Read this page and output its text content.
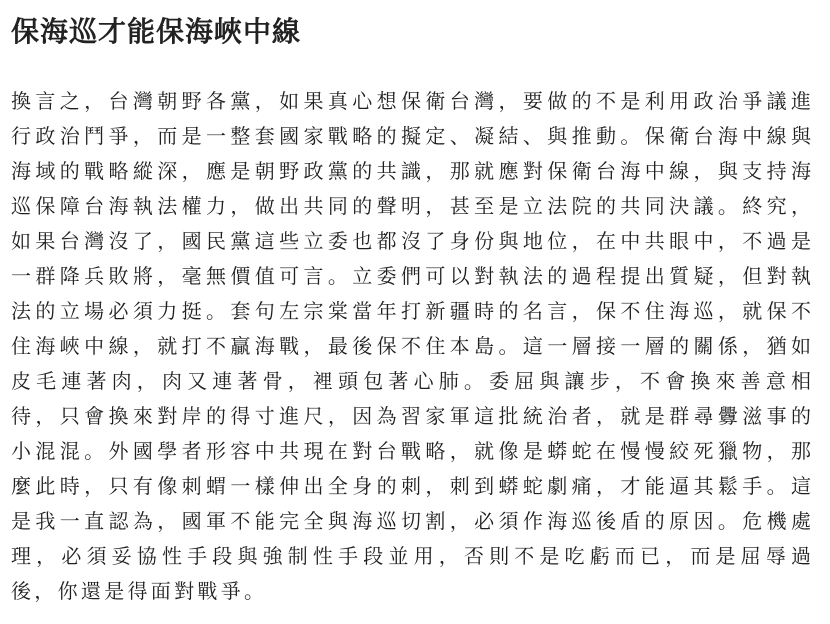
保海巡才能保海峽中線
換言之，台灣朝野各黨，如果真心想保衛台灣，要做的不是利用政治爭議進
行政治鬥爭，而是一整套國家戰略的擬定、凝結、與推動。保衛台海中線與
海域的戰略縱深，應是朝野政黨的共識，那就應對保衛台海中線，與支持海
巡保障台海執法權力，做出共同的聲明，甚至是立法院的共同決議。終究，
如果台灣沒了，國民黨這些立委也都沒了身份與地位，在中共眼中，不過是
一群降兵敗將，毫無價值可言。立委們可以對執法的過程提出質疑，但對執
法的立場必須力挺。套句左宗棠當年打新疆時的名言，保不住海巡，就保不
住海峽中線，就打不贏海戰，最後保不住本島。這一層接一層的關係，猶如
皮毛連著肉，肉又連著骨，裡頭包著心肺。委屈與讓步，不會換來善意相
待，只會換來對岸的得寸進尺，因為習家軍這批統治者，就是群尋釁滋事的
小混混。外國學者形容中共現在對台戰略，就像是蟒蛇在慢慢絞死獵物，那
麼此時，只有像刺蝟一樣伸出全身的刺，刺到蟒蛇劇痛，才能逼其鬆手。這
是我一直認為，國軍不能完全與海巡切割，必須作海巡後盾的原因。危機處
理，必須妥協性手段與強制性手段並用，否則不是吃虧而已，而是屈辱過
後，你還是得面對戰爭。
